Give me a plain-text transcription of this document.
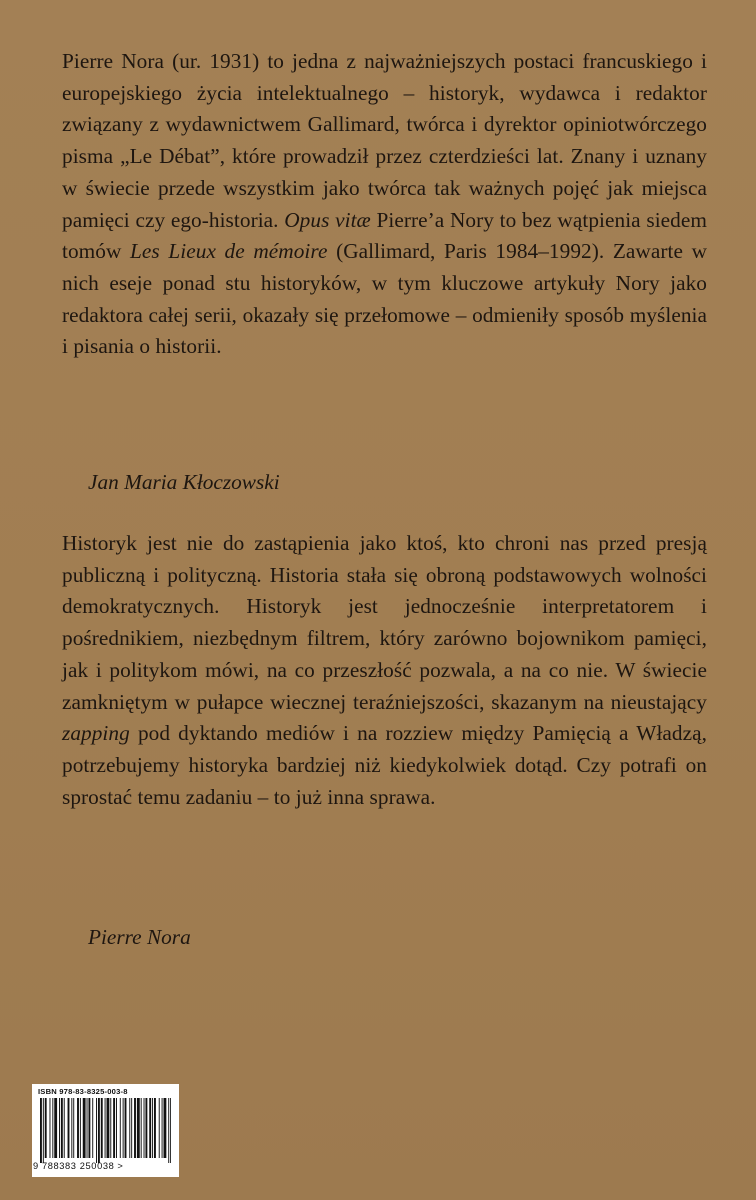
Pierre Nora (ur. 1931) to jedna z najważniejszych postaci francuskiego i europejskiego życia intelektualnego – historyk, wydawca i redaktor związany z wydawnictwem Gallimard, twórca i dyrektor opiniotwórczego pisma „Le Débat”, które prowadził przez czterdzieści lat. Znany i uznany w świecie przede wszystkim jako twórca tak ważnych pojęć jak miejsca pamięci czy ego-historia. Opus vitæ Pierre’a Nory to bez wątpienia siedem tomów Les Lieux de mémoire (Gallimard, Paris 1984–1992). Zawarte w nich eseje ponad stu historyków, w tym kluczowe artykuły Nory jako redaktora całej serii, okazały się przełomowe – odmieniły sposób myślenia i pisania o historii.

Jan Maria Kłoczowski

Historyk jest nie do zastąpienia jako ktoś, kto chroni nas przed presją publiczną i polityczną. Historia stała się obroną podstawowych wolności demokratycznych. Historyk jest jednocześnie interpretatorem i pośrednikiem, niezbędnym filtrem, który zarówno bojownikom pamięci, jak i politykom mówi, na co przeszłość pozwala, a na co nie. W świecie zamkniętym w pułapce wiecznej teraźniejszości, skazanym na nieustający zapping pod dyktando mediów i na rozziew między Pamięcią a Władzą, potrzebujemy historyka bardziej niż kiedykolwiek dotąd. Czy potrafi on sprostać temu zadaniu – to już inna sprawa.

Pierre Nora

ISBN 978-83-8325-003-8
9 788383 250038 >
